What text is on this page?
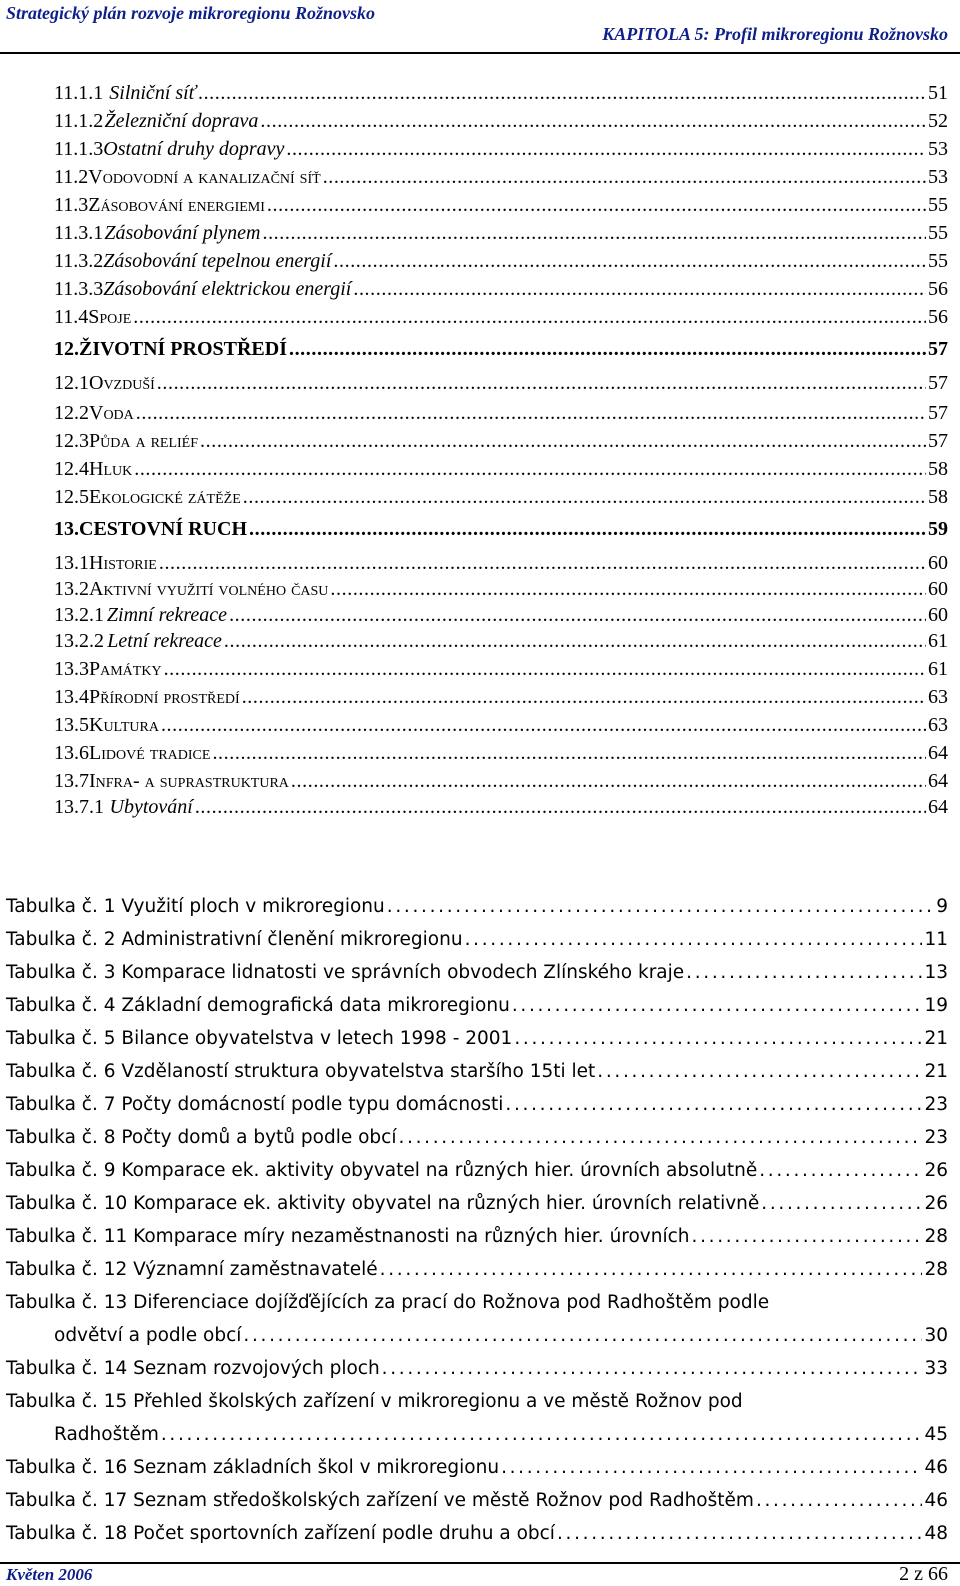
Strategický plán rozvoje mikroregionu Rožnovsko
KAPITOLA 5: Profil mikroregionu Rožnovsko
11.1.1 Silniční síť . . .	51
11.1.2 Železniční doprava . . .	52
11.1.3 Ostatní druhy dopravy . . .	53
11.2 Vodovodní a kanalizační síť . . .	53
11.3 Zásobování energiemi . . .	55
11.3.1 Zásobování plynem . . .	55
11.3.2 Zásobování tepelnou energií . . .	55
11.3.3 Zásobování elektrickou energií . . .	56
11.4 Spoje . . .	56
12. ŽIVOTNÍ PROSTŘEDÍ . . .	57
12.1 Ovzduší . . .	57
12.2 Voda . . .	57
12.3 Půda a reliéf . . .	57
12.4 Hluk . . .	58
12.5 Ekologické zátěže . . .	58
13. CESTOVNÍ RUCH . . .	59
13.1 Historie . . .	60
13.2 Aktivní využití volného času . . .	60
13.2.1 Zimní rekreace . . .	60
13.2.2 Letní rekreace . . .	61
13.3 Památky . . .	61
13.4 Přírodní prostředí . . .	63
13.5 Kultura . . .	63
13.6 Lidové tradice . . .	64
13.7 Infra- a suprastruktura . . .	64
13.7.1 Ubytování . . .	64
Tabulka č. 1 Využití ploch v mikroregionu . . .	9
Tabulka č. 2 Administrativní členění mikroregionu . . .	11
Tabulka č. 3 Komparace lidnatosti ve správních obvodech Zlínského kraje . . .	13
Tabulka č. 4 Základní demografická data mikroregionu . . .	19
Tabulka č. 5 Bilance obyvatelstva v letech 1998 - 2001 . . .	21
Tabulka č. 6 Vzdělaností struktura obyvatelstva staršího 15ti let . . .	21
Tabulka č. 7 Počty domácností podle typu domácnosti . . .	23
Tabulka č. 8 Počty domů a bytů podle obcí . . .	23
Tabulka č. 9 Komparace ek. aktivity obyvatel na různých hier. úrovních absolutně . . .	26
Tabulka č. 10 Komparace ek. aktivity obyvatel na různých hier. úrovních relativně . . .	26
Tabulka č. 11 Komparace míry nezaměstnanosti na různých hier. úrovních . . .	28
Tabulka č. 12 Významní zaměstnavatelé . . .	28
Tabulka č. 13 Diferenciace dojížďějících za prací do Rožnova pod Radhoštěm podle
odvětví a podle obcí . . .	30
Tabulka č. 14 Seznam rozvojových ploch . . .	33
Tabulka č. 15 Přehled školských zařízení v mikroregionu a ve městě Rožnov pod
Radhoštěm . . .	45
Tabulka č. 16 Seznam základních škol v mikroregionu . . .	46
Tabulka č. 17 Seznam středoškolských zařízení ve městě Rožnov pod Radhoštěm . . .	46
Tabulka č. 18 Počet sportovních zařízení podle druhu a obcí . . .	48
Květen 2006	2 z 66
